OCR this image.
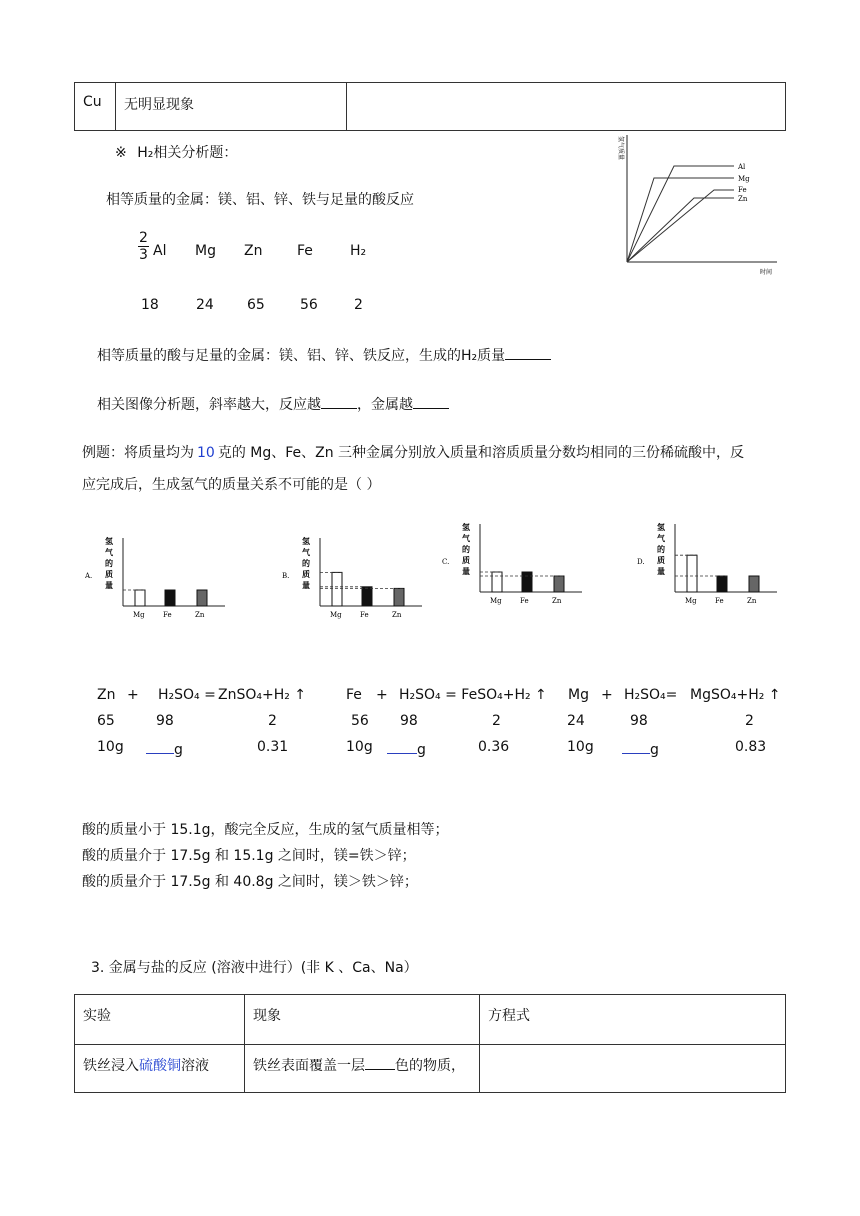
Cu	无明显现象	
※ H₂相关分析题：
相等质量的金属：镁、铝、锌、铁与足量的酸反应
$\frac{2}{3}$ Al Mg Zn Fe	H₂
18	24 65	56	2
相等质量的酸与足量的金属：镁、铝、锌、铁反应，生成的H₂质量
相关图像分析题，斜率越大，反应越	，金属越
Al
Mg
Fe
Zn
时间
氢气质量
例题：将质量均为 10 克的 Mg、Fe、Zn 三种金属分别放入质量和溶质质量分数均相同的三份稀硫酸中，反
应完成后，生成氢气的质量关系不可能的是（ ）
A.
氢
气
的
质
量
Mg	Fe	Zn
B.
氢
气
的
质
量
Mg	Fe	Zn
C.
氢
气
的
质
量
Mg	Fe	Zn
D.
氢
气
的
质
量
Mg	Fe	Zn
Zn + H₂SO₄ = ZnSO₄+H₂ ↑
65	98	2
10g	g	0.31
Fe + H₂SO₄ = FeSO₄+H₂ ↑
56 98	2
10g	g	0.36
Mg + H₂SO₄= MgSO₄+H₂ ↑
24	98	2
10g	g	0.83
酸的质量小于 15.1g，酸完全反应，生成的氢气质量相等；
酸的质量介于 17.5g 和 15.1g 之间时，镁=铁＞锌；
酸的质量介于 17.5g 和 40.8g 之间时，镁＞铁＞锌；
3. 金属与盐的反应 (溶液中进行）(非 K 、Ca、Na）
实验	现象	方程式
铁丝浸入硫酸铜溶液	铁丝表面覆盖一层 色的物质，	
